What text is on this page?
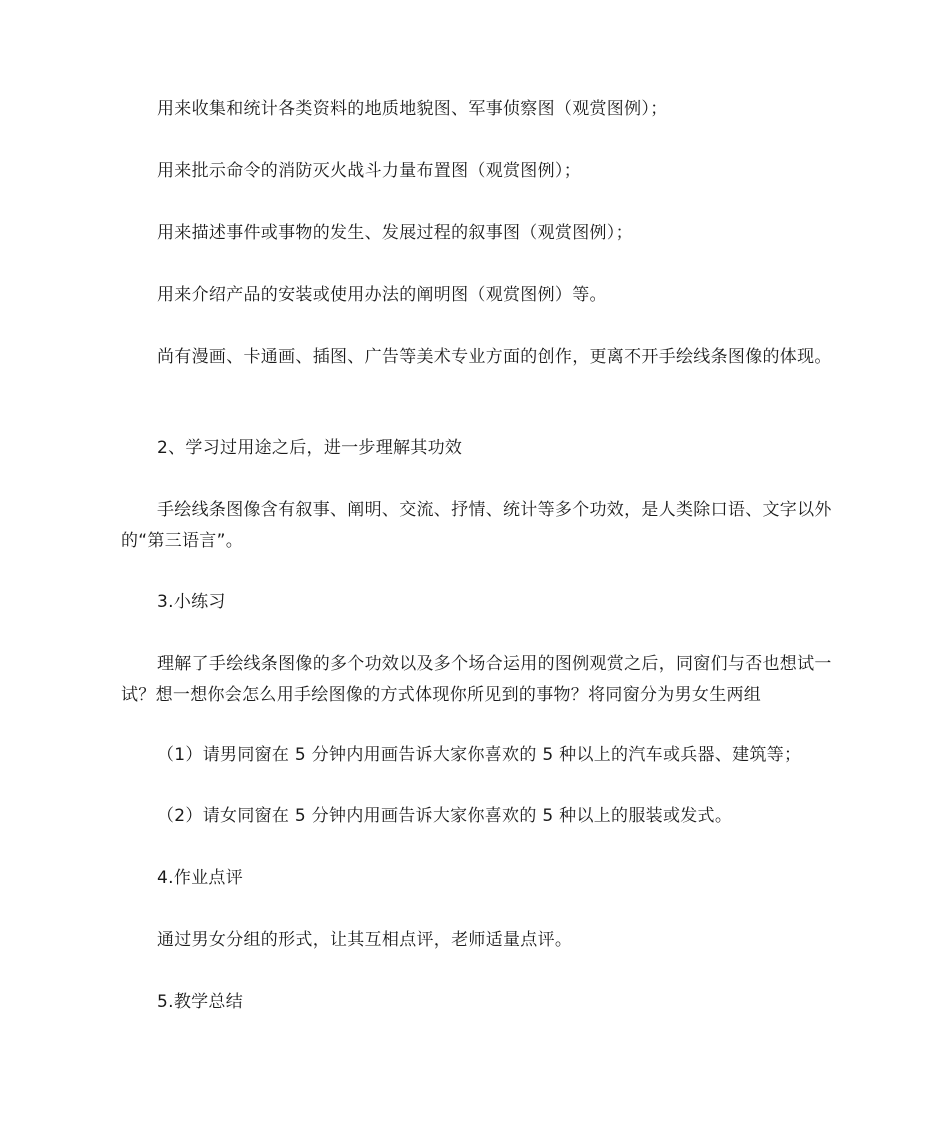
用来收集和统计各类资料的地质地貌图、军事侦察图（观赏图例）；

用来批示命令的消防灭火战斗力量布置图（观赏图例）；

用来描述事件或事物的发生、发展过程的叙事图（观赏图例）；

用来介绍产品的安装或使用办法的阐明图（观赏图例）等。

尚有漫画、卡通画、插图、广告等美术专业方面的创作，更离不开手绘线条图像的体现。

2、学习过用途之后，进一步理解其功效

手绘线条图像含有叙事、阐明、交流、抒情、统计等多个功效，是人类除口语、文字以外的“第三语言”。

3.小练习

理解了手绘线条图像的多个功效以及多个场合运用的图例观赏之后，同窗们与否也想试一试？想一想你会怎么用手绘图像的方式体现你所见到的事物？将同窗分为男女生两组

（1）请男同窗在 5 分钟内用画告诉大家你喜欢的 5 种以上的汽车或兵器、建筑等；

（2）请女同窗在 5 分钟内用画告诉大家你喜欢的 5 种以上的服装或发式。

4.作业点评

通过男女分组的形式，让其互相点评，老师适量点评。

5.教学总结
